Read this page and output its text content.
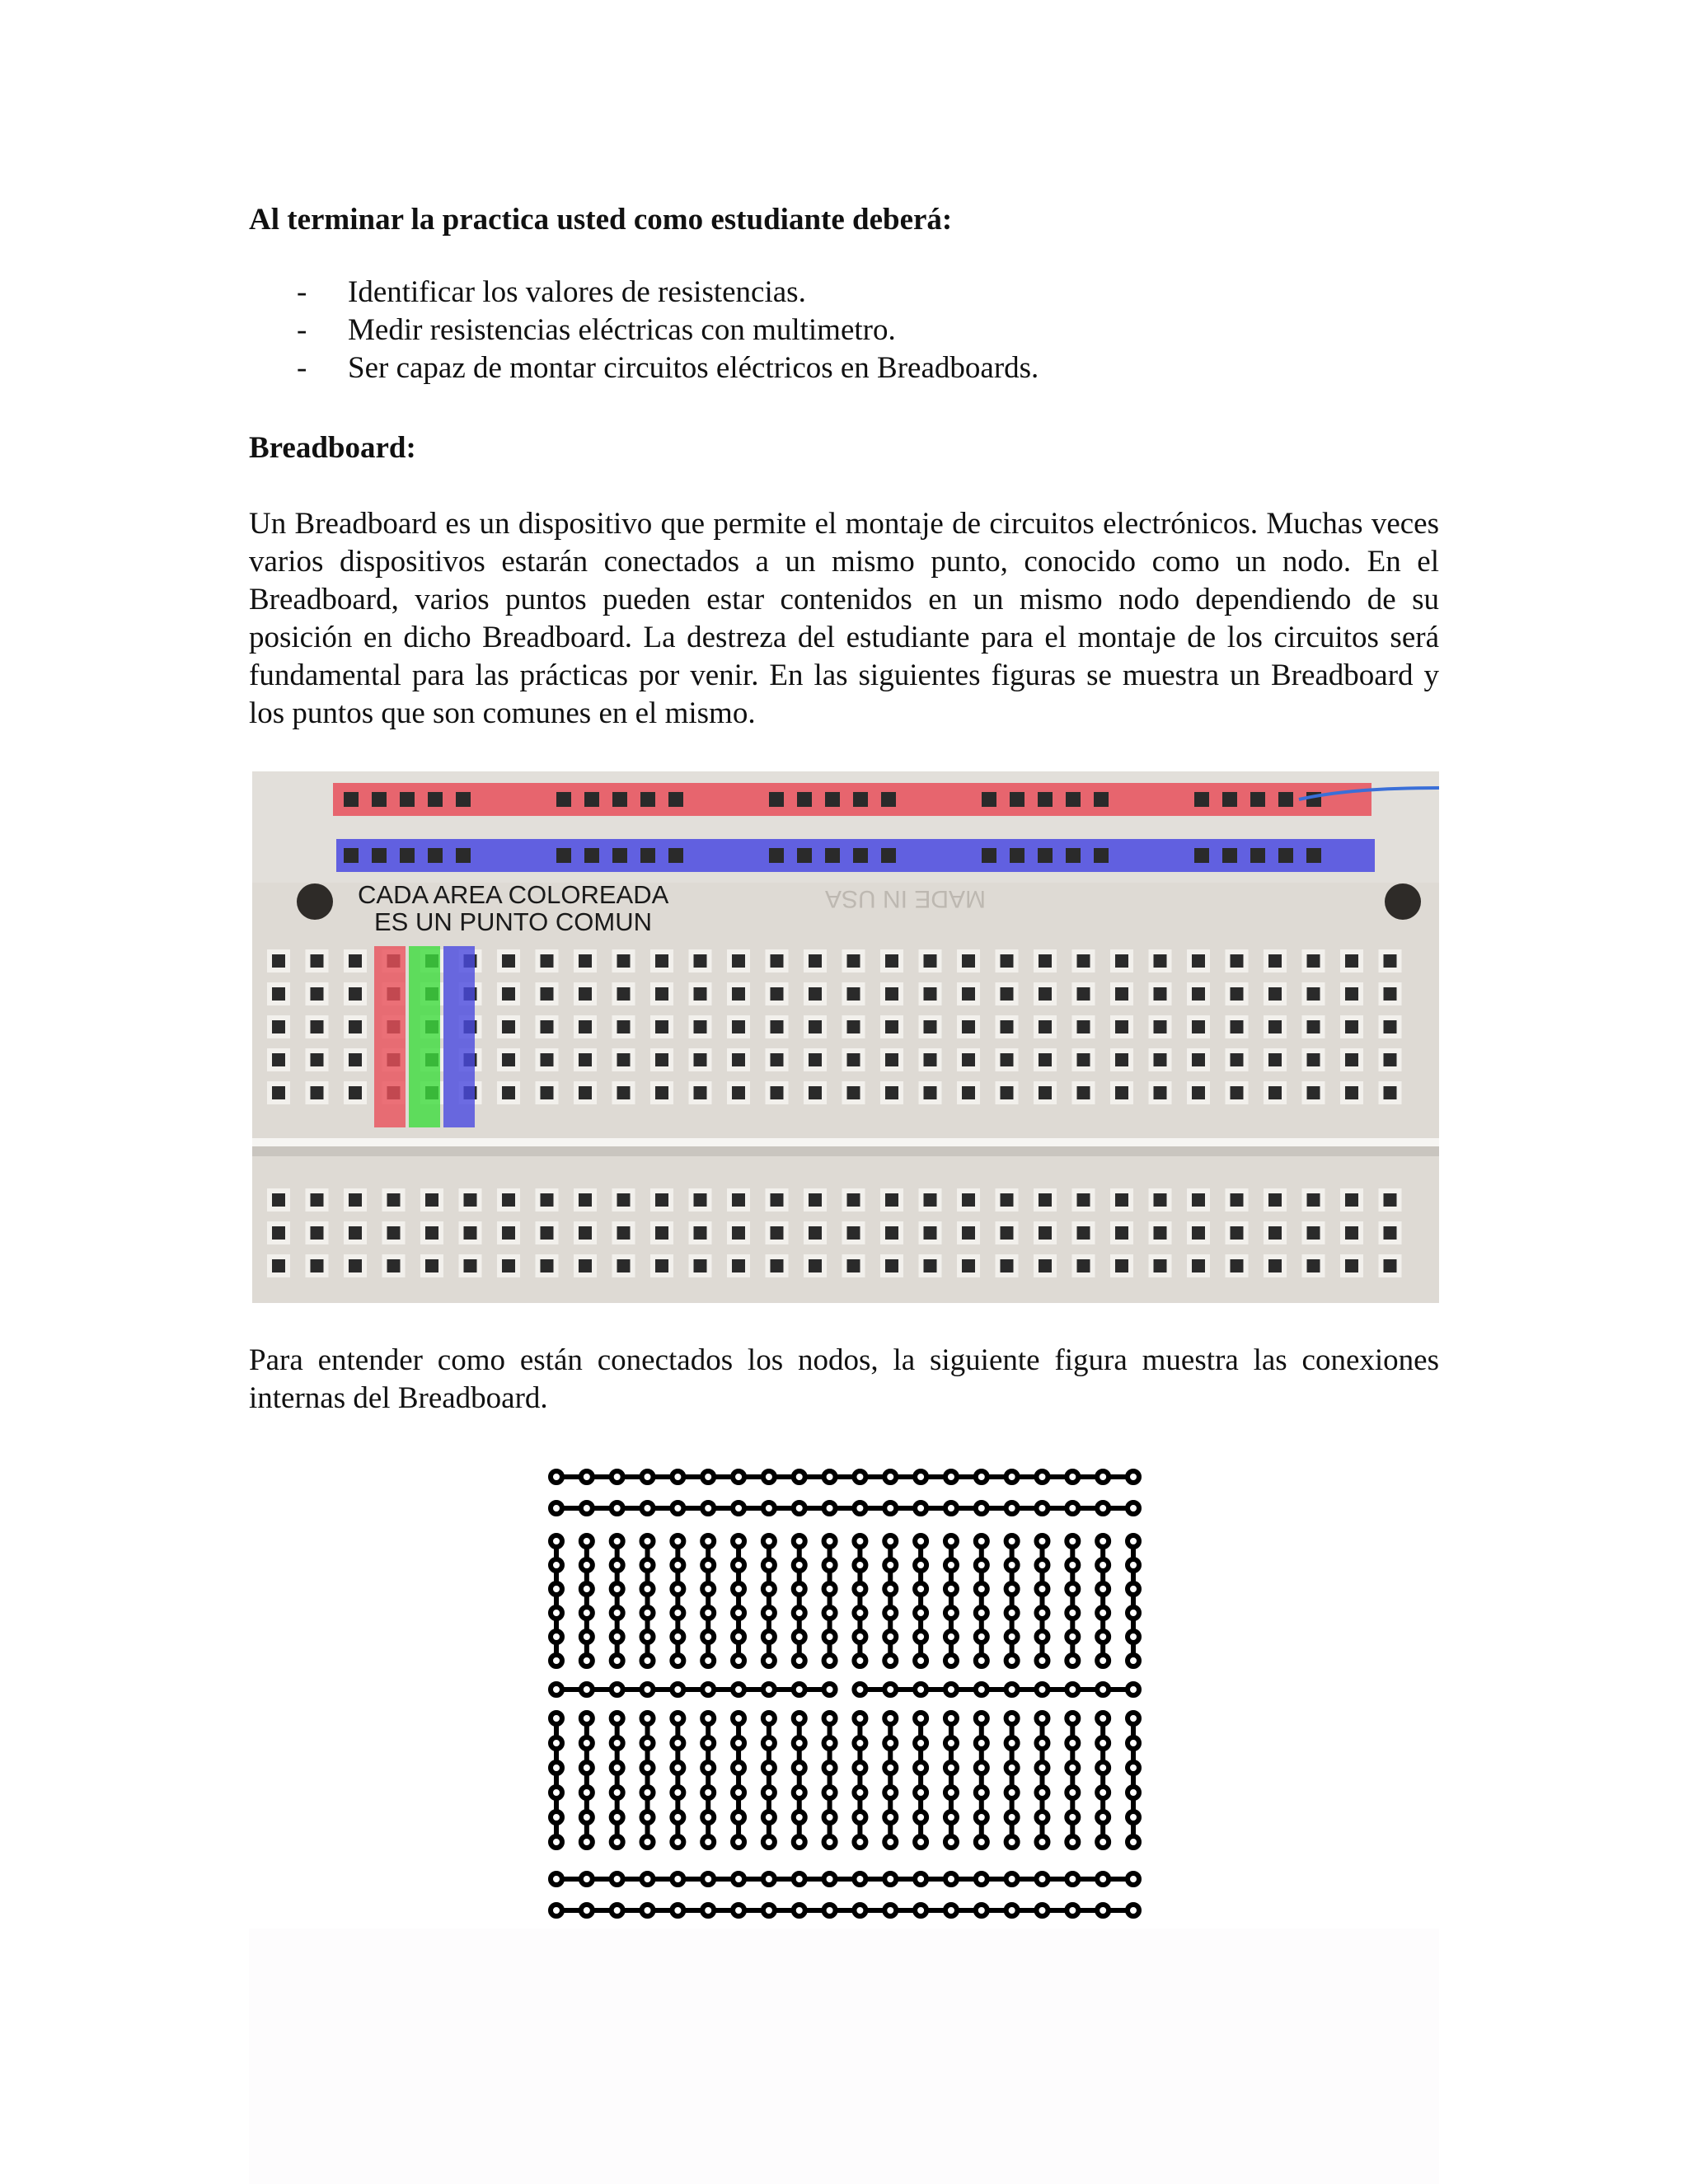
Al terminar la practica usted como estudiante deberá:
- Identificar los valores de resistencias.
- Medir resistencias eléctricas con multimetro.
- Ser capaz de montar circuitos eléctricos en Breadboards.
Breadboard:
Un Breadboard es un dispositivo que permite el montaje de circuitos electrónicos. Muchas veces varios dispositivos estarán conectados a un mismo punto, conocido como un nodo. En el Breadboard, varios puntos pueden estar contenidos en un mismo nodo dependiendo de su posición en dicho Breadboard. La destreza del estudiante para el montaje de los circuitos será fundamental para las prácticas por venir. En las siguientes figuras se muestra un Breadboard y los puntos que son comunes en el mismo.
CADA AREA COLOREADA
ES UN PUNTO COMUN
MADE IN USA
Para entender como están conectados los nodos, la siguiente figura muestra las conexiones internas del Breadboard.
